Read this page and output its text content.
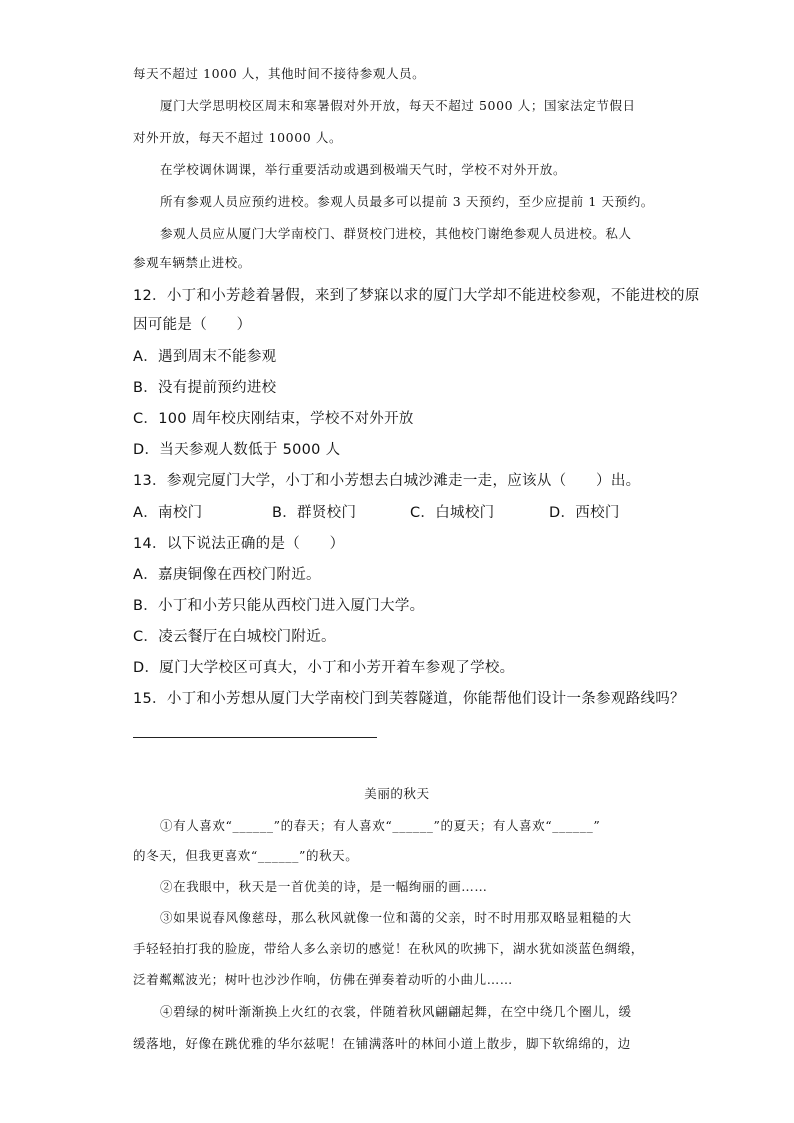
每天不超过 1000 人，其他时间不接待参观人员。
厦门大学思明校区周末和寒暑假对外开放，每天不超过 5000 人；国家法定节假日
对外开放，每天不超过 10000 人。
在学校调休调课，举行重要活动或遇到极端天气时，学校不对外开放。
所有参观人员应预约进校。参观人员最多可以提前 3 天预约，至少应提前 1 天预约。
参观人员应从厦门大学南校门、群贤校门进校，其他校门谢绝参观人员进校。私人
参观车辆禁止进校。
12．小丁和小芳趁着暑假，来到了梦寐以求的厦门大学却不能进校参观，不能进校的原
因可能是（　　）
A．遇到周末不能参观
B．没有提前预约进校
C．100 周年校庆刚结束，学校不对外开放
D．当天参观人数低于 5000 人
13．参观完厦门大学，小丁和小芳想去白城沙滩走一走，应该从（　　）出。
A．南校门	B．群贤校门	C．白城校门	D．西校门
14．以下说法正确的是（　　）
A．嘉庚铜像在西校门附近。
B．小丁和小芳只能从西校门进入厦门大学。
C．凌云餐厅在白城校门附近。
D．厦门大学校区可真大，小丁和小芳开着车参观了学校。
15．小丁和小芳想从厦门大学南校门到芙蓉隧道，你能帮他们设计一条参观路线吗？
美丽的秋天
①有人喜欢“______”的春天；有人喜欢“______”的夏天；有人喜欢“______”
的冬天，但我更喜欢“______”的秋天。
②在我眼中，秋天是一首优美的诗，是一幅绚丽的画……
③如果说春风像慈母，那么秋风就像一位和蔼的父亲，时不时用那双略显粗糙的大
手轻轻拍打我的脸庞，带给人多么亲切的感觉！在秋风的吹拂下，湖水犹如淡蓝色绸缎，
泛着粼粼波光；树叶也沙沙作响，仿佛在弹奏着动听的小曲儿……
④碧绿的树叶渐渐换上火红的衣裳，伴随着秋风翩翩起舞，在空中绕几个圈儿，缓
缓落地，好像在跳优雅的华尔兹呢！在铺满落叶的林间小道上散步，脚下软绵绵的，边
